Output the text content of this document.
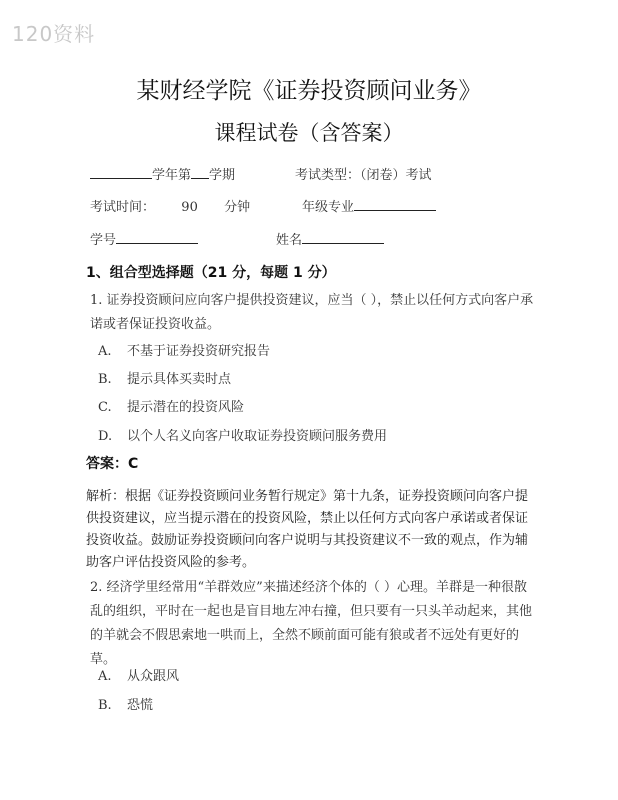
120资料
某财经学院《证券投资顾问业务》
课程试卷（含答案）
学年第 学期	考试类型：（闭卷）考试
考试时间： 90 分钟	年级专业
学号	姓名
1、组合型选择题（21 分，每题 1 分）
1. 证券投资顾问应向客户提供投资建议，应当（ ），禁止以任何方式向客户承诺或者保证投资收益。
A. 不基于证券投资研究报告
B. 提示具体买卖时点
C. 提示潜在的投资风险
D. 以个人名义向客户收取证券投资顾问服务费用
答案：C
解析：根据《证券投资顾问业务暂行规定》第十九条，证券投资顾问向客户提供投资建议，应当提示潜在的投资风险，禁止以任何方式向客户承诺或者保证投资收益。鼓励证券投资顾问向客户说明与其投资建议不一致的观点，作为辅助客户评估投资风险的参考。
2. 经济学里经常用“羊群效应”来描述经济个体的（ ）心理。羊群是一种很散乱的组织，平时在一起也是盲目地左冲右撞，但只要有一只头羊动起来，其他的羊就会不假思索地一哄而上，全然不顾前面可能有狼或者不远处有更好的草。
A. 从众跟风
B. 恐慌
